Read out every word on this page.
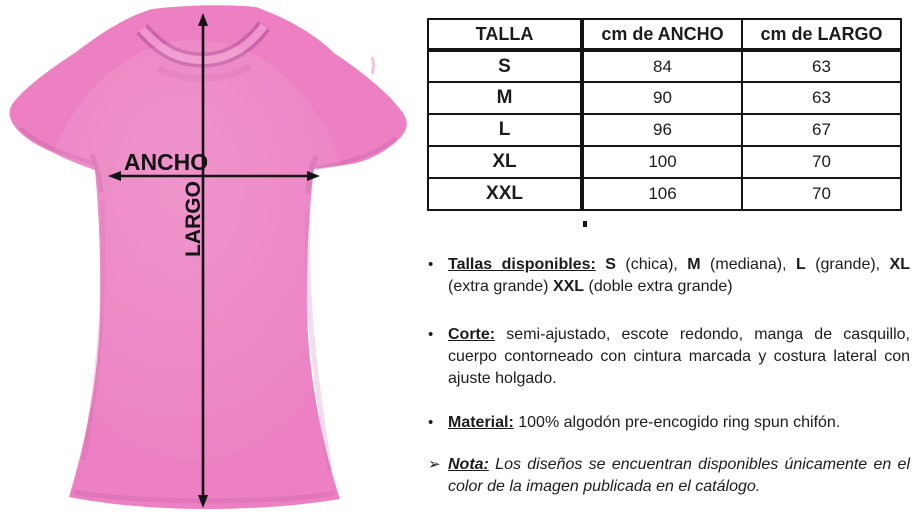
ANCHO
LARGO
TALLA	cm de ANCHO	cm de LARGO
S	84	63
M	90	63
L	96	67
XL	100	70
XXL	106	70
• Tallas disponibles: S (chica), M (mediana), L (grande), XL (extra grande) XXL (doble extra grande)

• Corte: semi-ajustado, escote redondo, manga de casquillo, cuerpo contorneado con cintura marcada y costura lateral con ajuste holgado.

• Material: 100% algodón pre-encogido ring spun chifón.

➢ Nota: Los diseños se encuentran disponibles únicamente en el color de la imagen publicada en el catálogo.
